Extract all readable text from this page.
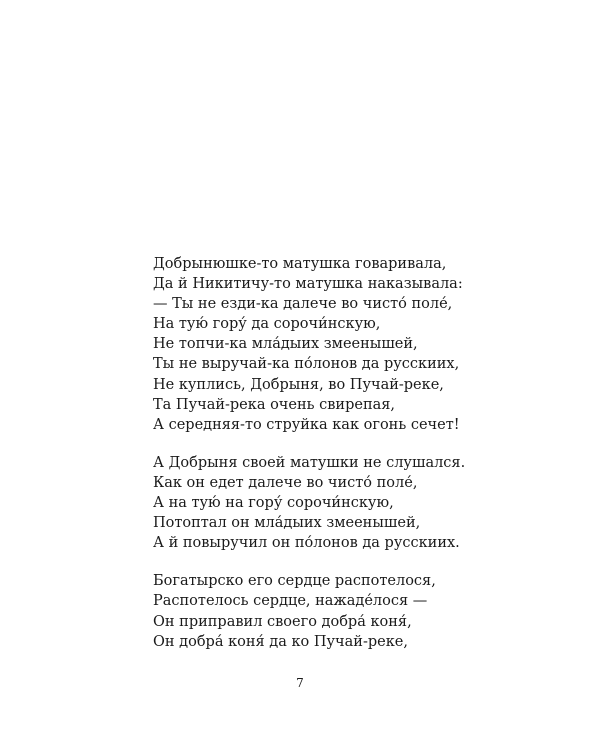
Добрынюшке-то матушка говаривала,
Да й Никитичу-то матушка наказывала:
— Ты не езди-ка далече во чисто́ поле́,
На тую́ гору́ да сорочи́нскую,
Не топчи-ка мла́дыих змеенышей,
Ты не выручай-ка по́лонов да русскиих,
Не куплись, Добрыня, во Пучай-реке,
Та Пучай-река очень свирепая,
А середняя-то струйка как огонь сечет!
А Добрыня своей матушки не слушался.
Как он едет далече во чисто́ поле́,
А на тую́ на гору́ сорочи́нскую,
Потоптал он мла́дыих змеенышей,
А й повыручил он по́лонов да русскиих.
Богатырско его сердце распотелося,
Распотелось сердце, нажаде́лося —
Он приправил своего добра́ коня́,
Он добра́ коня́ да ко Пучай-реке,
7
